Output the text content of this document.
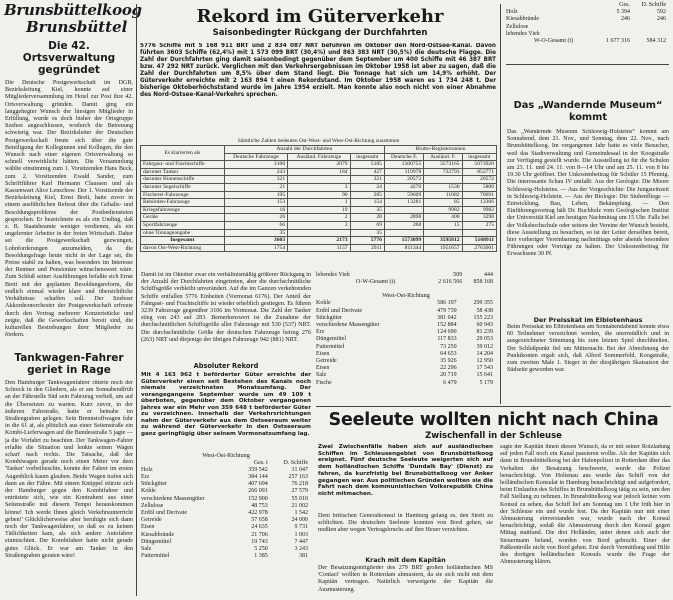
Brunsbüttelkoog
Brunsbüttel
Die 42. Ortsverwaltung gegründet

Die Deutsche Postgewerkschaft im DGB, Bezirksleitung Kiel, konnte auf einer Mitgliederversammlung im Hotel zur Post ihre 42. Ortsverwaltung gründen. Damit ging ein langgehegter Wunsch der hiesigen Mitglieder in Erfüllung, wurde es doch bisher der Ortsgruppe Itzehoe angeschlossen, wodurch die Betreuung schwierig war. Der Bezirksleiter der Deutschen Postgewerkschaft freute sich über die gute Beteiligung der Kolleginnen und Kollegen, die den Wunsch nach einer eigenen Ortsverwaltung so schnell verwirklicht hätten. Die Versammlung wählte einstimmig zum 1. Vorsitzenden Hans Beck, zum 2. Vorsitzenden Ewald Sander, zum Schriftführer Karl Hermann Claussen und als Kassenwart Alice Lenschow. Der 1. Vorsitzende der Bezirksleitung Kiel, Ernst Breit, hatte zuvor in einem ausführlichen Referat über die Gehalts- und Besoldungsprobleme der Postbediensteten gesprochen. Er bezeichnete es als ein Unding, daß z. B. Staatsbeamte weniger verdienen, als ein ungelernter Arbeiter in der freien Wirtschaft. Daher sei die Postgewerkschaft gezwungen, Lohnforderungen anzumelden, da die Besoldungsfrage heute nicht in der Lage sei, die Preise stabil zu halten, was besonders im Interesse der Rentner und Pensionäre wünschenswert wäre. Zum Schluß seiner Ausführungen befaßte sich Ernst Breit mit der geplanten Besoldungsreform, die endlich einmal wieder klare und übersichtliche Verhältnisse schaffen soll. Der Itzehoer Akkordeonorchester der Postgewerkschaft erfreute durch den Vortrag mehrerer Konzertstücke und zeigte, daß die Gewerkschaften bereit sind, die kulturellen Bestrebungen ihrer Mitglieder zu fördern.

Tankwagen-Fahrer geriet in Rage

Den Hamburger Tankwagenfahrer ritterte noch der Schreck in den Gliedern, als er am Sonnabendfrüh an der Fährstelle Süd sein Fahrzeug verließ, um auf die Übersetzen zu warten. Kurz zuvor, in der äußeren Fahrstraße, hatte er beinahe im Straßengraben gelegen. Sein Brennstoffwagen fuhr in die 61 at, als plötzlich aus einer Seitenstraße ein Kombi-Lieferwagen auf die Bundesstraße 5 jagte — ja die Vorfahrt zu beachten. Der Tankwagen-Fahrer erfaßte die Situation und lenkte seinen Wagen scharf nach rechts. Die Tatsache, daß der Kombiwagen gerade noch einen Meter vor dem 'Tanker' vorbeihuschte, konnte der Fahrer im ersten Augenblick kaum glauben. Beide Wagen trafen sich dann an der Fähre. Mit einem Knüppel stürzte sich der Hamburger gegen den Kombifahrer und entrüstete sich, wie ein Kontrahent aus einer Seitenstraße mit diesem Tempo herauskommen könne! 'Ich werde Ihnen gleich Verkehrsunterricht geben!' Glücklicherweise aber beruhigte sich dann noch der Tankwagenfahrer, so daß es zu keinen Tätlichkeiten kam, als sich andere Autofahrer einmischten. Der Kombifahrer hatte nicht gerade gutes Glück. Er war am Tanker in den Straßengraben geraten wäre!

Rekord im Güterverkehr
Saisonbedingter Rückgang der Durchfahrten

5776 Schiffe mit 5 168 911 BRT und 2 834 087 NRT befuhren im Oktober den Nord-Ostsee-Kanal. Davon führten 3603 Schiffe (62,4%) mit 1 573 099 BRT (30,4%) und 863 383 NRT (30,5%) die deutsche Flagge. Die Zahl der Durchfahrten ging damit saisonbedingt gegenüber dem September um 400 Schiffe mit 46 387 BRT bzw. 47 292 NRT zurück. Verglichen mit den Verkehrsergebnissen im Oktober 1958 ist aber zu sagen, daß die Zahl der Durchfahrten um 8,5% über dem Stand liegt. Die Tonnage hat sich um 14,9% erhöht. Der Güterverkehr erreichte mit 2 163 894 t einen Rekordstand. Im Oktober 1958 waren es 1 734 248 t. Der bisherige Oktoberhöchststand wurde im Jahre 1954 erzielt. Man konnte also noch nicht von einer Abnahme des Nord-Ostsee-Kanal-Verkehrs sprechen.

Sämtliche Zahlen bedeuten Ost-West- und West-Ost-Richtung zusammen
Es klarierten als	Anzahl der Durchfahrten			Brutto-Registertonnen		
	Deutsche Fahrzeuge	Ausländ. Fahrzeuge	insgesamt	Deutsche F.	Ausländ. F.	insgesamt
Fahrgast- und Frachtschiffe	3106	2079	5185	1500755	3573165	5073920
darunter Tanker	243	184	427	119978	732793	852771
darunter Binnenschiffe	321		321	20572		20572
darunter Segelschiffe	21	3	24	4270	1530	5800
Fischerei-Fahrzeuge	195	90	285	59609	11082	70691
Behörden-Fahrzeuge	153	1	154	13281	85	13366
Kriegsfahrzeuge	16	19	35		9982	9982
Geräte	26	2	28	2898	400	3298
Sportfahrzeuge	66	3	69	260	15	275
ohne Tonnageangabe	35		35			
Insgesamt	3603	2173	5776	1573099	3595812	5168911
davon Ost-West-Richtung	1754	1157	2911	811344	1951657	2763001

Damit ist im Oktober zwar ein verhältnismäßig größerer Rückgang in der Anzahl der Durchfahrten eingetreten, aber die durchschnittliche Schiffsgröße verbleibt unverändert. Auf die im Ganzen verkehrenden Schiffe entfallen 5776 Einheiten (Vormonat 6176). Der Anteil der Fahrgast- und Frachtschiffe ist wieder erheblich gestiegen. Es führen 3239 Fahrzeuge gegenüber 3106 im Vormonat. Die Zahl der Tanker stieg von 243 auf 283. Bemerkenswert ist die Zunahme der durchschnittlichen Schiffsgröße aller Fahrzeuge mit 530 (537) NRT. Die durchschnittliche Größe der deutschen Fahrzeuge betrug 276 (263) NRT und diejenige der übrigen Fahrzeuge 942 (881) NRT.

Absoluter Rekord

Mit 4 163 962 t beförderter Güter erreichte der Güterverkehr einen seit Bestehen des Kanals noch niemals verzeichneten Monatsumfang. Der vorangegangene September wurde um 49 109 t überboten, gegenüber dem Oktober vergangenen Jahres war ein Mehr von 359 648 t beförderter Güter zu verzeichnen. Innerhalb der Verkehrsrichtungen nahm der Güterverkehr aus dem Ostseeraum weiter zu während der Güterverkehr in den Ostseeraum ganz geringfügig über seinem Vormonatsumfang lag.

West-Ost-Richtung
	Ges. t	D. Schiffe
Holz	359 542	31 047
Erz	384 144	257 163
Stückgüter	407 694	76 218
Kohle	266 091	27 579
verschiedene Massengüter	152 900	55 010
Zellulose	48 753	21 002
Erdöl und Derivate	422 978	1 542
Getreide	57 658	24 000
Eisen	24 635	9 731
Kiesabbrände	21 706	1 003
Düngemittel	19 743	7 447
Salz	5 250	3 243
Futtermittel	1 385	381
lebendes Vieh	509	444
O-W-Gesamt (t)	2 616 566	858 168
West-Ost-Richtung
Kohle	586 197	299 355
Erdöl und Derivate	479 739	58 438
Stückgüter	381 042	155 223
verschiedene Massengüter	152 884	60 943
Erz	124 690	81 239
Düngemittel	117 833	29 053
Futtermittel	73 250	39 012
Eisen	64 653	14 204
Getreide	35 926	12 950
Eisen	22 296	17 543
Salz	20 719	15 641
Fische	6 479	5 179
	Ges.	D. Schiffe
Holz	5 394	592
Kiesabbrände	246	246
Zellulose		
lebendes Vieh		
W-O-Gesamt (t)	1 677 316	584 312
Das „Wandernde Museum“ kommt

Das „Wandernde Museum Schleswig-Holsteins“ kommt am Sonnabend, dem 21. Nov., und Sonntag, dem 22. Nov., nach Brunsbüttelkoog. Im vergangenen Jahr hatte es viele Besucher, weil das Stadtverwaltung und Gemeindesaal in der Koogstraße zur Verfügung gestellt wurde. Die Ausstellung ist für die Schulen am 23. 11. und 24. 11. von 8—14 Uhr und am 25. 11. von 8 bis 19.30 Uhr geöffnet. Der Unkostenbeitrag für Schüler 15 Pfennig. Die interessante Schau IV umfaßt: Aus der Geologie: Die Moore Schleswig-Holsteins. — Aus der Vorgeschichte: Die Jungsteinzeit in Schleswig-Holstein. — Aus der Biologie: Die Stubenfliege — Entwicklung, Bau, Leben, Bekämpfung. — Den Einführungsvortrag hält Dr. Buchholz vom Geologischen Institut der Universität Kiel am heutigen Nachmittag um 15 Uhr. Falls bei der Volkshochschule oder seitens der Vereine der Wunsch besteht, diese Ausstellung zu besuchen, so ist der Leiter derselben bereit, hier vorheriger Vereinbarung nachmittags oder abends besondere Führungen oder Vorträge zu halten. Der Unkostenbeitrag für Erwachsene 30 Pf.

Der Preisskat im Elbiotenhaus

Beim Preisskat im Elbiotenhaus am Sonnabendabend konnte etwa 60 Teilnehmer verzeichnet werden, die unermüdlich und in ausgezeichneter Stimmung bis zum letzten Spiel durchhielten. Der Schlußpunkt fiel um Mitternacht. Bei der Abrechnung der Punktkonten ergab sich, daß Alfred Sommerfeld, Koogstraße, zum zweiten Male 1. Sieger in der diesjährigen Skatsaison der Südseite geworden war.

Seeleute wollten nicht nach China
Zwischenfall in der Schleuse

Zwei Zwischenfälle haben sich auf ausländischen Schiffen im Schleusengebiet von Brunsbüttelkoog ereignet. Fünf deutsche Seeleute weigerten sich auf dem holländischen Schiffe 'Dundalk Bay' (Dienst) zu fahren, da kurzfristig bei Brunsbüttelkoog vor Anker gegangen war. Aus politischen Gründen wollten sie die Fahrt nach dem kommunistischen Volksrepublik China nicht mitmachen.

Dem britischen Generalkonsul in Hamburg gelang es, den Streit zu schlichten. Die deutschen Seeleute konnten von Bord gehen, sie mußten aber wegen Vertragsbruchs auf ihre Heuer verzichten.

Krach mit dem Kapitän

Der Besatzungsmitglieder des 279 BRT großen holländischen MS 'Contact' wollten in Rotterdam abmustern, da sie sich nicht mit dem Kapitän vertragen. Natürlich verweigerte der Kapitän die Ausmusterung.

sagte der Kapitän ihnen diesen Wunsch, da er mit seiner Roizladung auf jeden Fall noch ein Kanal passieren wollte. Als der Kapitän sich dann in Brunsbüttelkoog bei der Hafenpolizei in Rotterdam über das Verhalten der Besatzung beschwerte, wurde die Polizei benachrichtigt. Von Holtenau aus wurde das Schiff von der holländischen Konsulat in Hamburg benachrichtigt und aufgefordert, beim Einlaufen des Schiffes in Brunsbüttelkoog tätig zu sein, um den Fall Stellung zu nehmen. In Brunsbüttelkoog war jedoch keiner vom Konsul zu sehen, das Schiff lief am Sonntag um 1 Uhr früh hier in der Schleuse ein und wurde fest. Da der Kapitän nun mit einer Abmusterung einverstanden war, wurde nach der Konsul benachrichtigt, sodaß die Abmusterung durch den Konsul gegen Mittag stattfand. Die drei Holländer, unter denen sich auch der Steuermann befand, wurden von Bord gebracht. Einer der Paßkontrolle nicht von Bord gehen. Erst durch Vermittlung und Hilfe des dortigen holländischen Konsuls wurde die Frage der Abmusterung klären.
